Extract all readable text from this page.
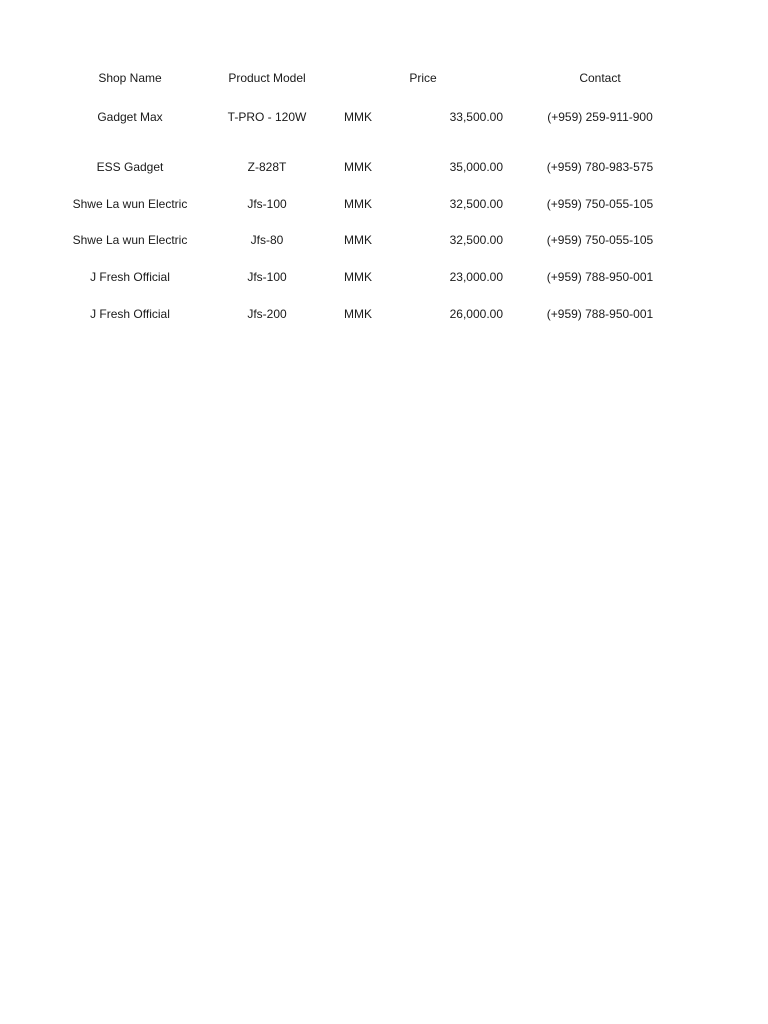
Shop Name	Product Model	Price	Contact
Gadget Max	T-PRO - 120W	MMK	33,500.00	(+959) 259-911-900
ESS Gadget	Z-828T	MMK	35,000.00	(+959) 780-983-575
Shwe La wun Electric	Jfs-100	MMK	32,500.00	(+959) 750-055-105
Shwe La wun Electric	Jfs-80	MMK	32,500.00	(+959) 750-055-105
J Fresh Official	Jfs-100	MMK	23,000.00	(+959) 788-950-001
J Fresh Official	Jfs-200	MMK	26,000.00	(+959) 788-950-001
